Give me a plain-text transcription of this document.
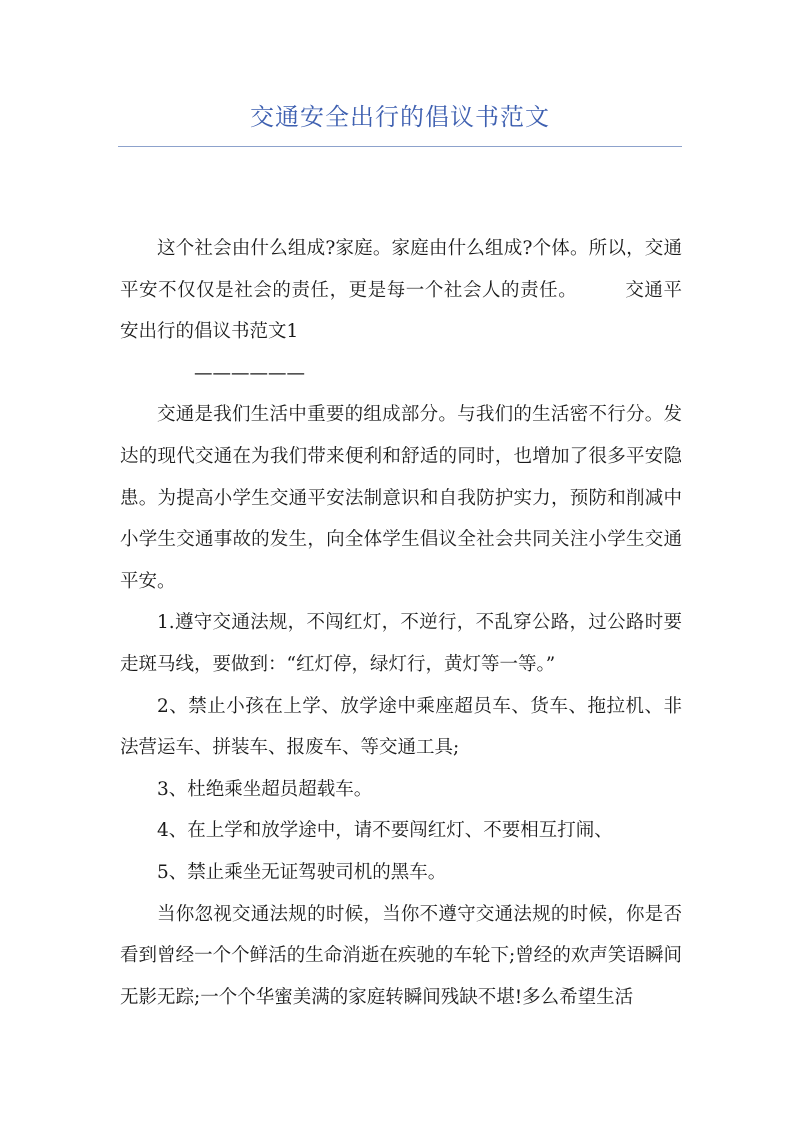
交通安全出行的倡议书范文

这个社会由什么组成?家庭。家庭由什么组成?个体。所以，交通平安不仅仅是社会的责任，更是每一个社会人的责任。	交通平安出行的倡议书范文1

——————

交通是我们生活中重要的组成部分。与我们的生活密不行分。发达的现代交通在为我们带来便利和舒适的同时，也增加了很多平安隐患。为提高小学生交通平安法制意识和自我防护实力，预防和削减中小学生交通事故的发生，向全体学生倡议全社会共同关注小学生交通平安。

1.遵守交通法规，不闯红灯，不逆行，不乱穿公路，过公路时要走斑马线，要做到：“红灯停，绿灯行，黄灯等一等。”

2、禁止小孩在上学、放学途中乘座超员车、货车、拖拉机、非法营运车、拼装车、报废车、等交通工具;

3、杜绝乘坐超员超载车。

4、在上学和放学途中，请不要闯红灯、不要相互打闹、

5、禁止乘坐无证驾驶司机的黑车。

当你忽视交通法规的时候，当你不遵守交通法规的时候，你是否看到曾经一个个鲜活的生命消逝在疾驰的车轮下;曾经的欢声笑语瞬间无影无踪;一个个华蜜美满的家庭转瞬间残缺不堪!多么希望生活
